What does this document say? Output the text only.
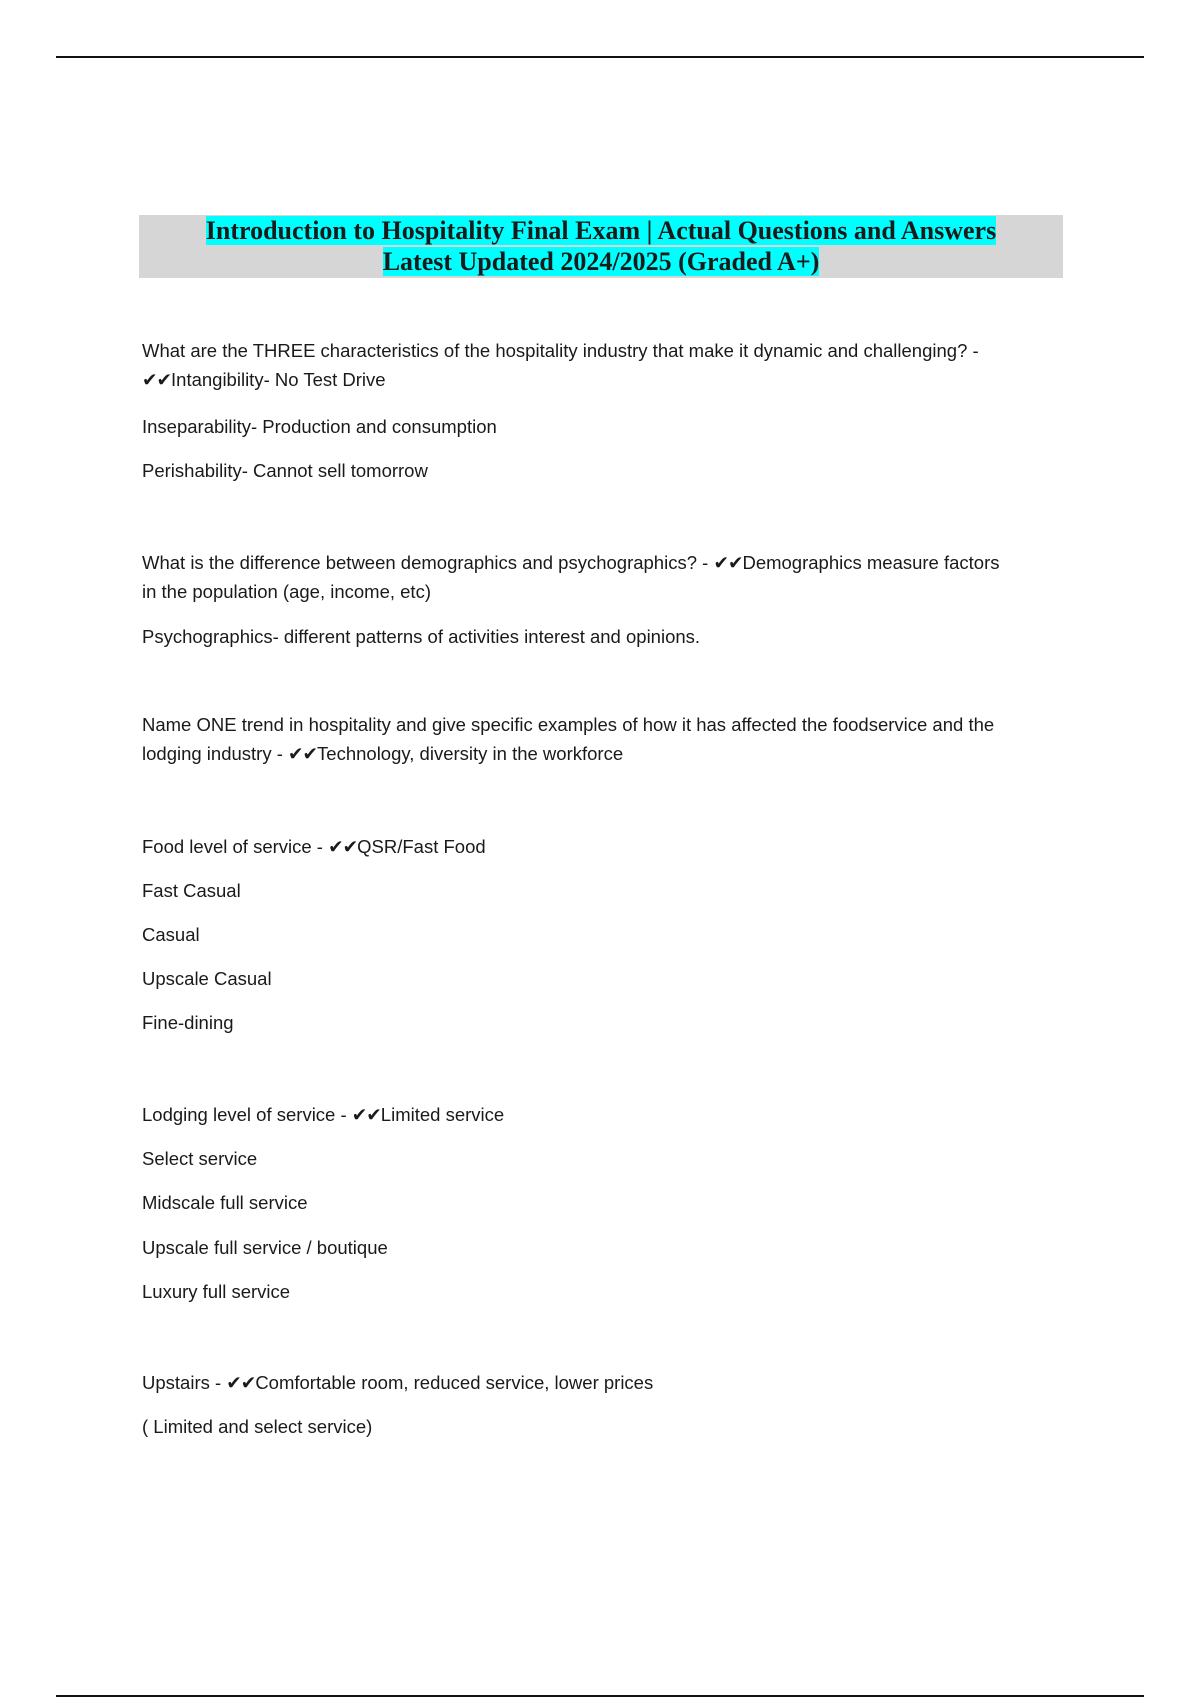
Introduction to Hospitality Final Exam | Actual Questions and Answers
Latest Updated 2024/2025 (Graded A+)
What are the THREE characteristics of the hospitality industry that make it dynamic and challenging? -
✔✔Intangibility- No Test Drive
Inseparability- Production and consumption
Perishability- Cannot sell tomorrow
What is the difference between demographics and psychographics? - ✔✔Demographics measure factors
in the population (age, income, etc)
Psychographics- different patterns of activities interest and opinions.
Name ONE trend in hospitality and give specific examples of how it has affected the foodservice and the
lodging industry - ✔✔Technology, diversity in the workforce
Food level of service - ✔✔QSR/Fast Food
Fast Casual
Casual
Upscale Casual
Fine-dining
Lodging level of service - ✔✔Limited service
Select service
Midscale full service
Upscale full service / boutique
Luxury full service
Upstairs - ✔✔Comfortable room, reduced service, lower prices
( Limited and select service)
